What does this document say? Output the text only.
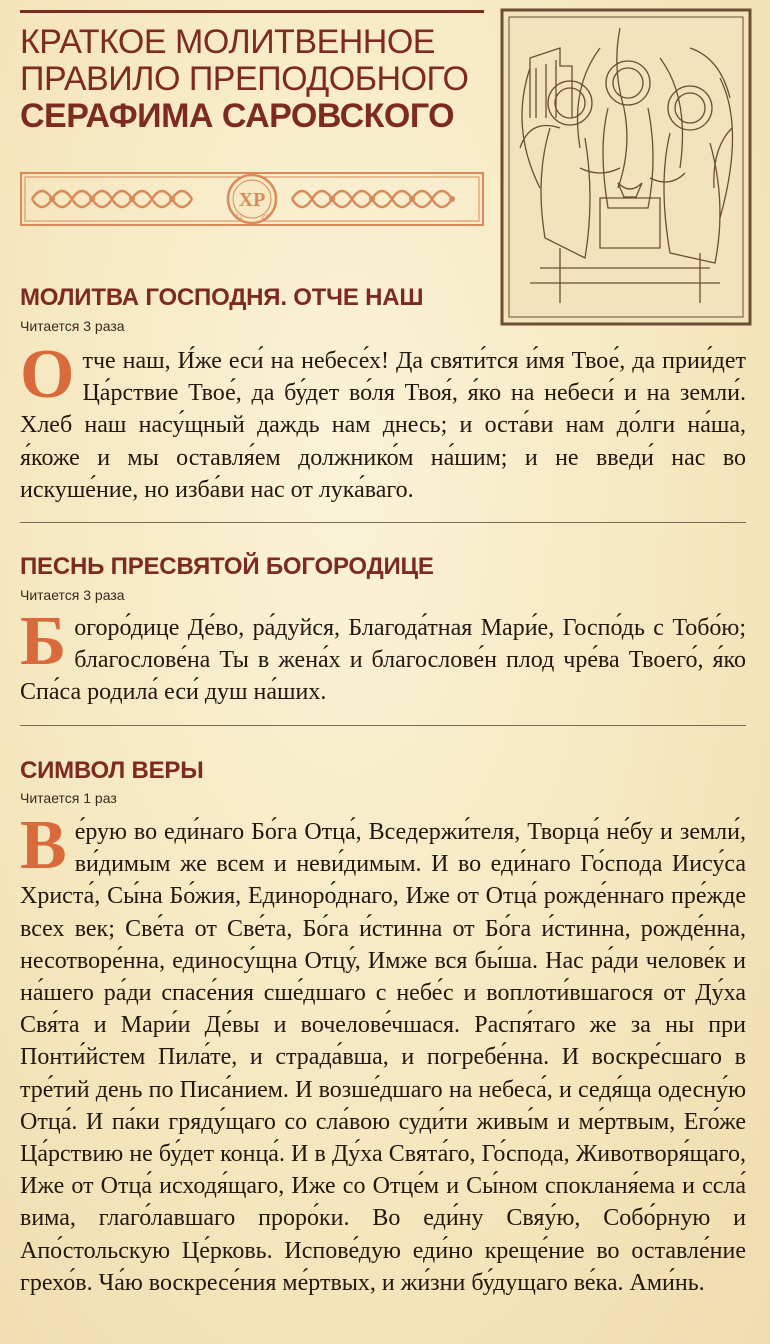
КРАТКОЕ МОЛИТВЕННОЕ
ПРАВИЛО ПРЕПОДОБНОГО
СЕРАФИМА САРОВСКОГО
XP
12	21
МОЛИТВА ГОСПОДНЯ. ОТЧЕ НАШ

Читается 3 раза

Отче наш, И́же еси́ на небесе́х! Да святи́тся и́мя Твое́, да прии́дет Ца́рствие Твое́, да бу́дет во́ля Твоя́, я́ко на небеси́ и на земли́. Хлеб наш насу́щный даждь нам днесь; и оста́ви нам до́лги на́ша, я́коже и мы оставля́ем должнико́м на́шим; и не введи́ нас во искуше́ние, но изба́ви нас от лука́ваго.

ПЕСНЬ ПРЕСВЯТОЙ БОГОРОДИЦЕ

Читается 3 раза

Богоро́дице Де́во, ра́дуйся, Благода́тная Мари́е, Госпо́дь с Тобо́ю; благослове́на Ты в жена́х и благослове́н плод чре́ва Твоего́, я́ко Спа́са родила́ еси́ душ на́ших.

СИМВОЛ ВЕРЫ

Читается 1 раз

Ве́рую во еди́наго Бо́га Отца́, Вседержи́теля, Творца́ не́бу и земли́, ви́димым же всем и неви́димым. И во еди́наго Го́спода Иису́са Христа́, Сы́на Бо́жия, Единоро́днаго, Иже от Отца́ рожде́ннаго пре́жде всех век; Све́та от Све́та, Бо́га и́стинна от Бо́га и́стинна, рожде́нна, несотворе́нна, единосу́щна Отцу́, Имже вся бы́ша. Нас ра́ди челове́к и на́шего ра́ди спасе́ния сше́дшаго с небе́с и воплоти́вшагося от Ду́ха Свя́та и Мари́и Де́вы и вочелове́чшася. Распя́таго же за ны при Понти́йстем Пила́те, и страда́вша, и погребе́нна. И воскре́сшаго в тре́тий день по Писа́нием. И возше́дшаго на небеса́, и седя́ща одесну́ю Отца́. И па́ки гряду́щаго со сла́вою суди́ти живы́м и ме́ртвым, Его́же Ца́рствию не бу́дет конца́. И в Ду́ха Свята́го, Го́спода, Животворя́щаго, Иже от Отца́ исходя́щаго, Иже со Отце́м и Сы́ном спокланя́ема и ссла́ вима, глаго́лавшаго проро́ки. Во еди́ну Свяу́ю, Собо́рную и Апо́стольскую Це́рковь. Испове́дую еди́но креще́ние во оставле́ние грехо́в. Ча́ю воскресе́ния ме́ртвых, и жи́зни бу́дущаго ве́ка. Ами́нь.
